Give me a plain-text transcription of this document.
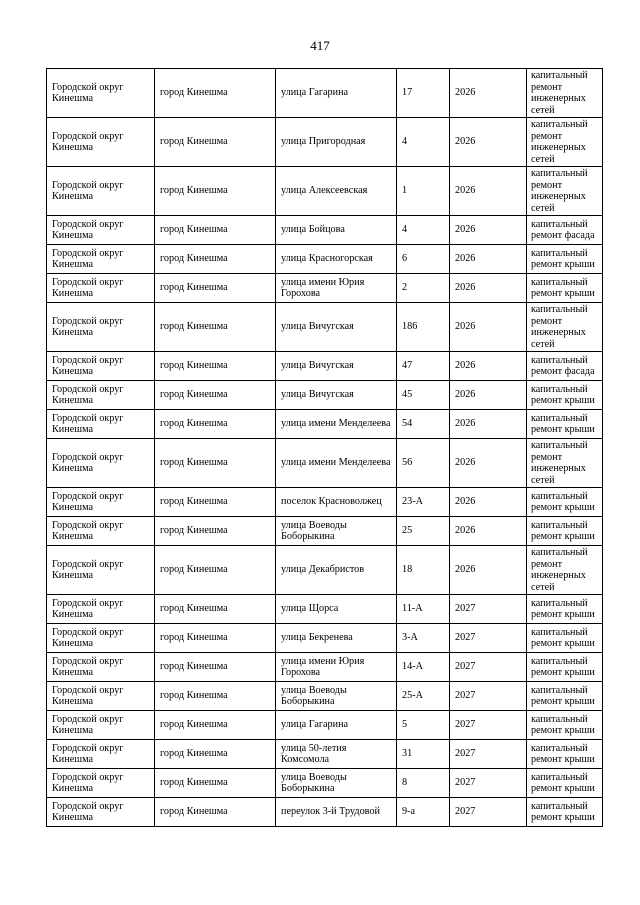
417
Городской округ Кинешма	город Кинешма	улица Гагарина	17	2026	капитальный ремонт инженерных сетей
Городской округ Кинешма	город Кинешма	улица Пригородная	4	2026	капитальный ремонт инженерных сетей
Городской округ Кинешма	город Кинешма	улица Алексеевская	1	2026	капитальный ремонт инженерных сетей
Городской округ Кинешма	город Кинешма	улица Бойцова	4	2026	капитальный ремонт фасада
Городской округ Кинешма	город Кинешма	улица Красногорская	6	2026	капитальный ремонт крыши
Городской округ Кинешма	город Кинешма	улица имени Юрия Горохова	2	2026	капитальный ремонт крыши
Городской округ Кинешма	город Кинешма	улица Вичугская	186	2026	капитальный ремонт инженерных сетей
Городской округ Кинешма	город Кинешма	улица Вичугская	47	2026	капитальный ремонт фасада
Городской округ Кинешма	город Кинешма	улица Вичугская	45	2026	капитальный ремонт крыши
Городской округ Кинешма	город Кинешма	улица имени Менделеева	54	2026	капитальный ремонт крыши
Городской округ Кинешма	город Кинешма	улица имени Менделеева	56	2026	капитальный ремонт инженерных сетей
Городской округ Кинешма	город Кинешма	поселок Красноволжец	23-А	2026	капитальный ремонт крыши
Городской округ Кинешма	город Кинешма	улица Воеводы Боборыкина	25	2026	капитальный ремонт крыши
Городской округ Кинешма	город Кинешма	улица Декабристов	18	2026	капитальный ремонт инженерных сетей
Городской округ Кинешма	город Кинешма	улица Щорса	11-А	2027	капитальный ремонт крыши
Городской округ Кинешма	город Кинешма	улица Бекренева	3-А	2027	капитальный ремонт крыши
Городской округ Кинешма	город Кинешма	улица имени Юрия Горохова	14-А	2027	капитальный ремонт крыши
Городской округ Кинешма	город Кинешма	улица Воеводы Боборыкина	25-А	2027	капитальный ремонт крыши
Городской округ Кинешма	город Кинешма	улица Гагарина	5	2027	капитальный ремонт крыши
Городской округ Кинешма	город Кинешма	улица 50-летия Комсомола	31	2027	капитальный ремонт крыши
Городской округ Кинешма	город Кинешма	улица Воеводы Боборыкина	8	2027	капитальный ремонт крыши
Городской округ Кинешма	город Кинешма	переулок 3-й Трудовой	9-а	2027	капитальный ремонт крыши
